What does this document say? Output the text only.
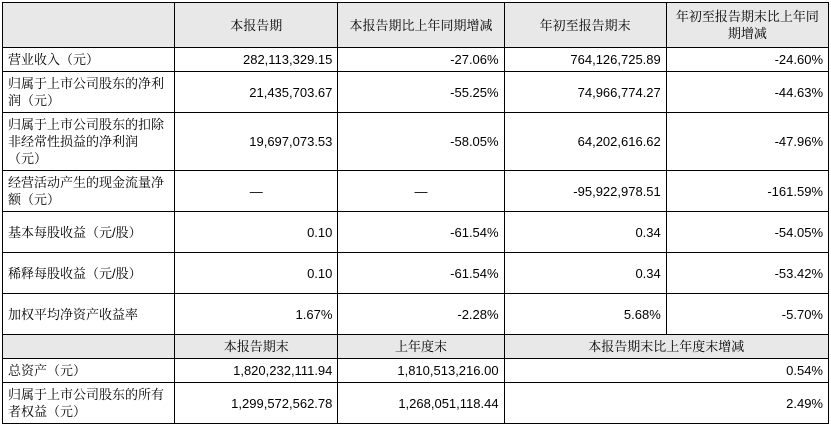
	本报告期	本报告期比上年同期增减	年初至报告期末	年初至报告期末比上年同期增减
营业收入（元）	282,113,329.15	-27.06%	764,126,725.89	-24.60%
归属于上市公司股东的净利润（元）	21,435,703.67	-55.25%	74,966,774.27	-44.63%
归属于上市公司股东的扣除非经常性损益的净利润（元）	19,697,073.53	-58.05%	64,202,616.62	-47.96%
经营活动产生的现金流量净额（元）	—	—	-95,922,978.51	-161.59%
基本每股收益（元/股）	0.10	-61.54%	0.34	-54.05%
稀释每股收益（元/股）	0.10	-61.54%	0.34	-53.42%
加权平均净资产收益率	1.67%	-2.28%	5.68%	-5.70%
	本报告期末	上年度末	本报告期末比上年度末增减	
总资产（元）	1,820,232,111.94	1,810,513,216.00		0.54%
归属于上市公司股东的所有者权益（元）	1,299,572,562.78	1,268,051,118.44		2.49%
